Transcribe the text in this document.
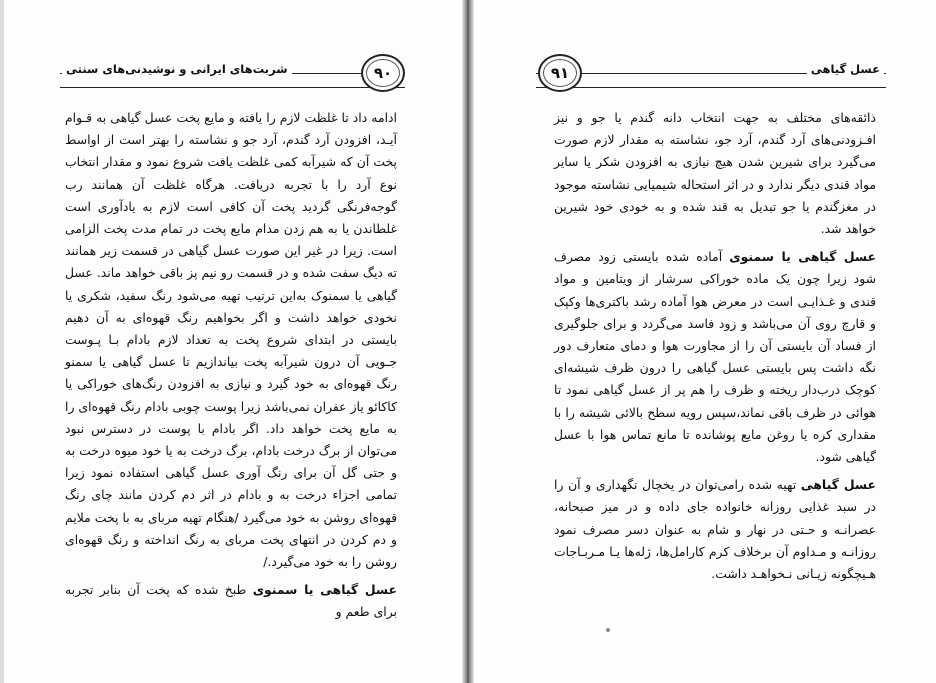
شربت‌های ایرانی و نوشیدنی‌های سنتی	۹۰

ادامه داد تا غلظت لازم را یافته و مایع پخت عسل گیاهی به قـوام آیـد، افزودن آرد گندم، آرد جو و نشاسته را بهتر است از اواسط پخت آن که شیرآبه کمی غلظت یافت شروع نمود و مقدار انتخاب نوع آرد را با تجربه دریافت. هرگاه غلظت آن همانند رب گوجه‌فرنگی گردید پخت آن کافی است لازم به یادآوری است غلطاندن یا به هم زدن مدام مایع پخت در تمام مدت پخت الزامی است. زیرا در غیر این صورت عسل گیاهی در قسمت زیر همانند ته دیگ سفت شده و در قسمت رو نیم پز باقی خواهد ماند. عسل گیاهی یا سمنوک به‌این ترتیب تهیه می‌شود رنگ سفید، شکری یا نخودی خواهد داشت و اگر بخواهیم رنگ قهوه‌ای به آن دهیم بایستی در ابتدای شروع پخت به تعداد لازم بادام بـا پـوست جـویی آن درون شیرآبه پخت بیاندازیم تا عسل گیاهی یا سمنو رنگ قهوه‌ای به خود گیرد و نیازی به افزودن رنگ‌های خوراکی یا کاکائو یاز عفران نمی‌باشد زیرا پوست چوبی بادام رنگ قهوه‌ای را به مایع پخت خواهد داد. اگر بادام با پوست در دسترس نبود می‌توان از برگ درخت بادام، برگ درخت به یا خود میوه درخت به و حتی گل آن برای رنگ آوری عسل گیاهی استفاده نمود زیرا تمامی اجزاء درخت به و بادام در اثر دم کردن مانند چای رنگ قهوه‌ای روشن به خود می‌گیرد /هنگام تهیه مربای به با پخت ملایم و دم کردن در انتهای پخت مربای به رنگ انداخته و رنگ قهوه‌ای روشن را به خود می‌گیرد./

عسل گیاهی یا سمنوی طبخ شده که پخت آن بنابر تجربه برای طعم و

۹۱	عسل گیاهی

ذائقه‌های مختلف به جهت انتخاب دانه گندم یا جو و نیز افـزودنی‌های آرد گندم، آرد جو، نشاسته به مقدار لازم صورت می‌گیرد برای شیرین شدن هیچ نیازی به افزودن شکر یا سایر مواد قندی دیگر ندارد و در اثر استحاله شیمیایی نشاسته موجود در مغزگندم یا جو تبدیل به قند شده و به خودی خود شیرین خواهد شد.

عسل گیاهی یا سمنوی آماده شده بایستی زود مصرف شود زیرا چون یک ماده خوراکی سرشار از ویتامین و مواد قندی و غـذایـی است در معرض هوا آماده رشد باکتری‌ها وکپک و قارچ روی آن می‌باشد و زود فاسد می‌گردد و برای جلوگیری از فساد آن بایستی آن را از مجاورت هوا و دمای متعارف دور نگه داشت پس بایستی عسل گیاهی را درون ظرف شیشه‌ای کوچک درب‌دار ریخته و ظرف را هم پر از عسل گیاهی نمود تا هوائی در ظرف باقی نماند،سپس رویه سطح بالائی شیشه را با مقداری کره یا روغن مایع پوشانده تا مانع تماس هوا با عسل گیاهی شود.

عسل گیاهی تهیه شده رامی‌توان در یخچال نگهداری و آن را در سبد غذایی روزانه خانواده جای داده و در میز صبحانه، عصرانـه و حـتی در نهار و شام به عنوان دسر مصرف نمود روزانـه و مـداوم آن برخلاف کرم کارامل‌ها، ژله‌ها یـا مـربـاجات هـیچگونه زیـانی نـخواهـد داشت.
